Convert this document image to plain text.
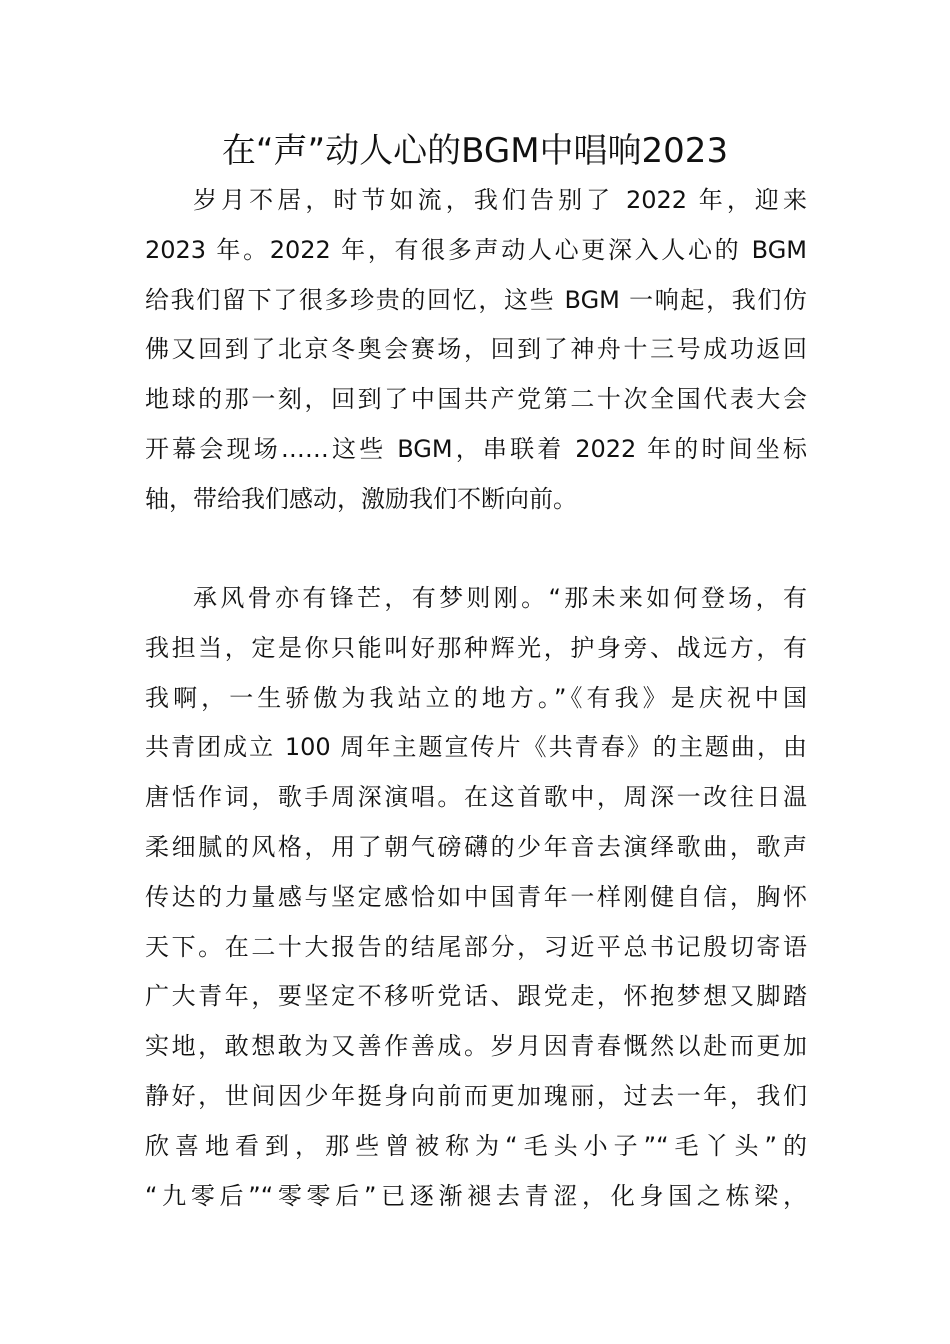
在“声”动人心的BGM中唱响2023
岁月不居，时节如流，我们告别了 2022 年，迎来
2023 年。2022 年，有很多声动人心更深入人心的 BGM
给我们留下了很多珍贵的回忆，这些 BGM 一响起，我们仿
佛又回到了北京冬奥会赛场，回到了神舟十三号成功返回
地球的那一刻，回到了中国共产党第二十次全国代表大会
开幕会现场……这些 BGM，串联着 2022 年的时间坐标
轴，带给我们感动，激励我们不断向前。
承风骨亦有锋芒，有梦则刚。“那未来如何登场，有
我担当，定是你只能叫好那种辉光，护身旁、战远方，有
我啊，一生骄傲为我站立的地方。”《有我》是庆祝中国
共青团成立 100 周年主题宣传片《共青春》的主题曲，由
唐恬作词，歌手周深演唱。在这首歌中，周深一改往日温
柔细腻的风格，用了朝气磅礴的少年音去演绎歌曲，歌声
传达的力量感与坚定感恰如中国青年一样刚健自信，胸怀
天下。在二十大报告的结尾部分，习近平总书记殷切寄语
广大青年，要坚定不移听党话、跟党走，怀抱梦想又脚踏
实地，敢想敢为又善作善成。岁月因青春慨然以赴而更加
静好，世间因少年挺身向前而更加瑰丽，过去一年，我们
欣喜地看到，那些曾被称为“毛头小子”“毛丫头”的
“九零后”“零零后”已逐渐褪去青涩，化身国之栋梁，
